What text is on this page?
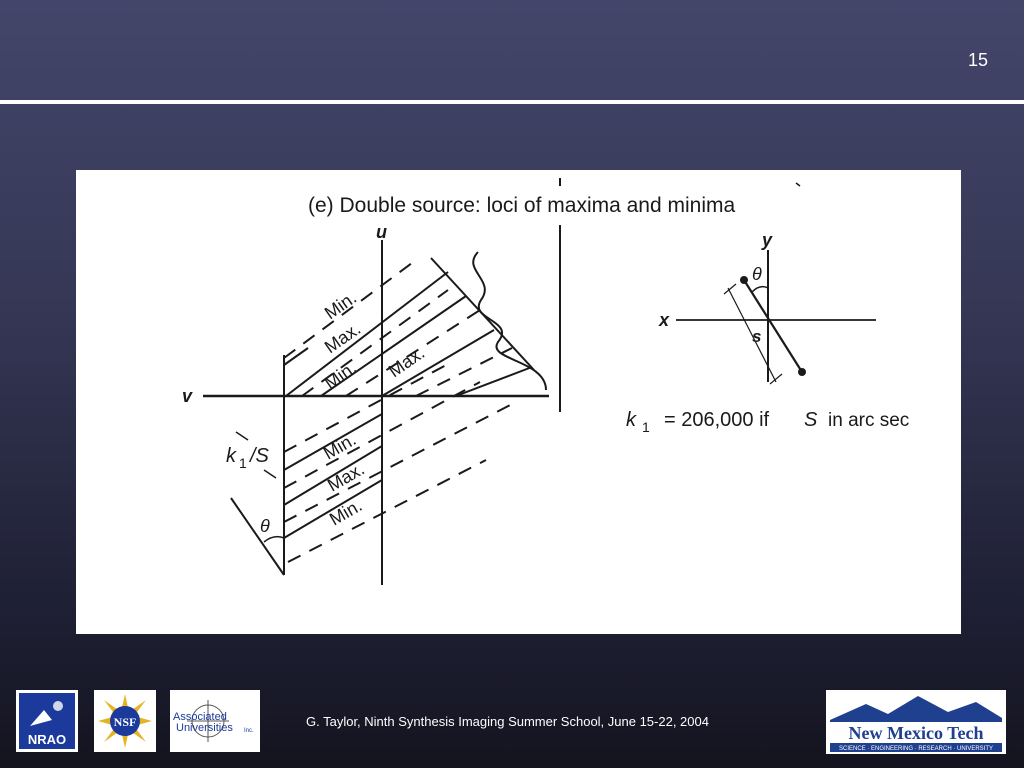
15
(e) Double source: loci of maxima and minima
u
v
x
y
Min.
Max.
Min. Max.
Min.
Max.
Min.
k 1 /S
θ
θ
s
k 1 = 206,000 if S in arc sec
NRAO
NSF	Associated
Universities Inc.
G. Taylor, Ninth Synthesis Imaging Summer School, June 15-22, 2004
New Mexico Tech
SCIENCE · ENGINEERING · RESEARCH · UNIVERSITY
